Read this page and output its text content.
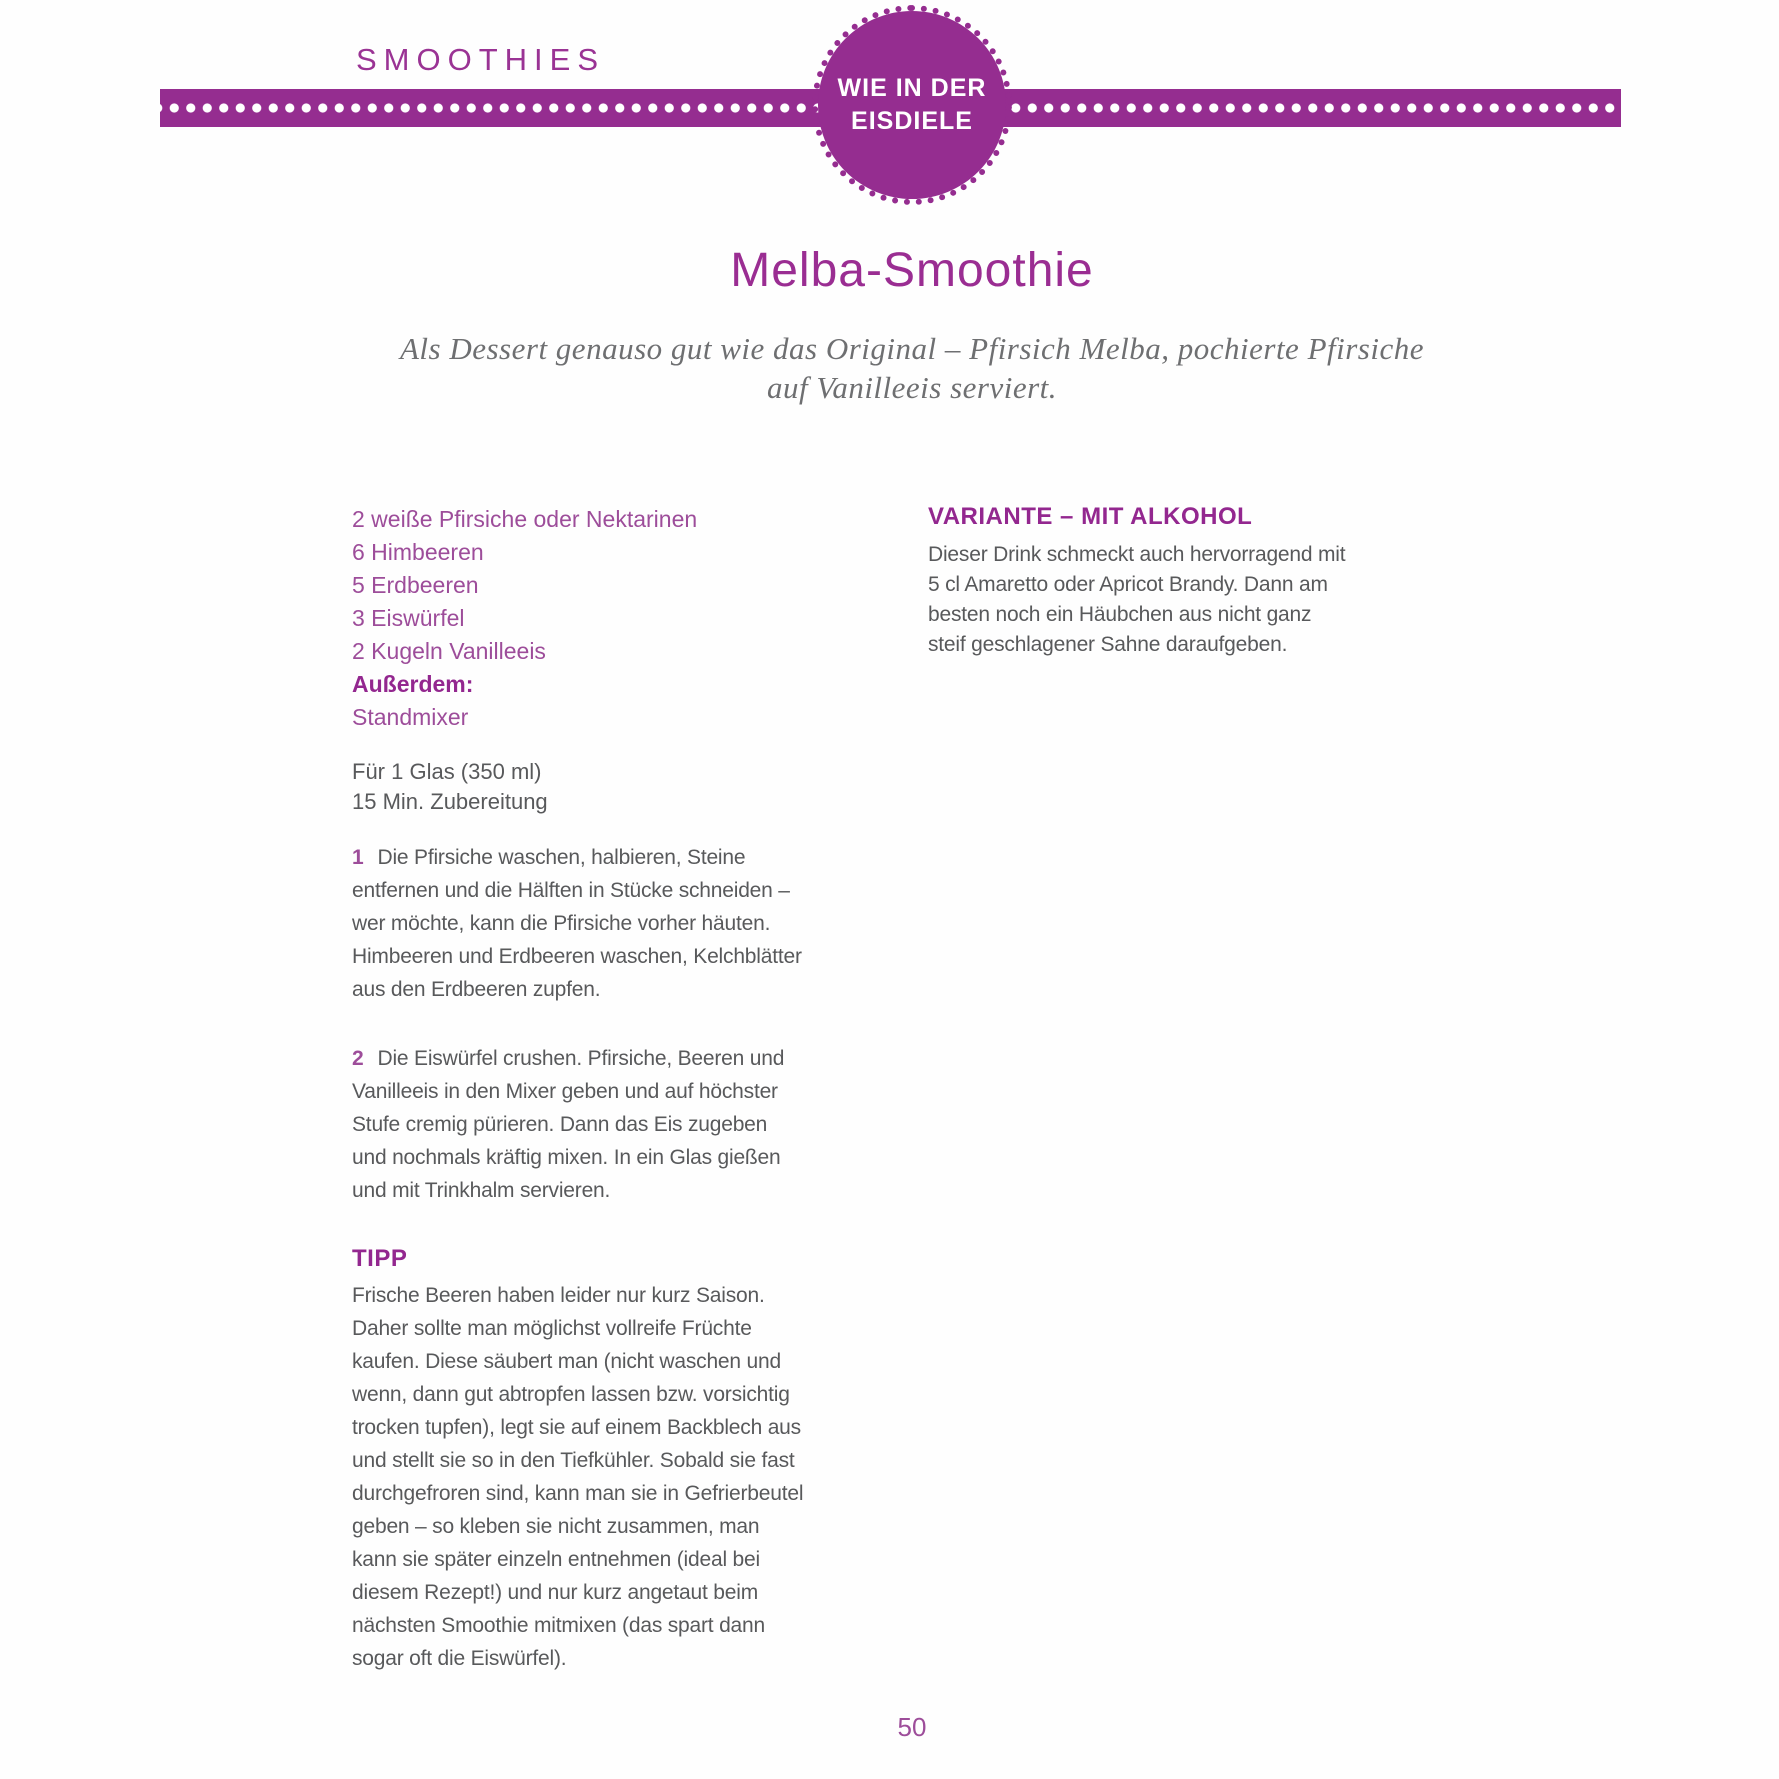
SMOOTHIES
WIE IN DER
EISDIELE
Melba-Smoothie
Als Dessert genauso gut wie das Original – Pfirsich Melba, pochierte Pfirsiche
auf Vanilleeis serviert.
2 weiße Pfirsiche oder Nektarinen
6 Himbeeren
5 Erdbeeren
3 Eiswürfel
2 Kugeln Vanilleeis
Außerdem:
Standmixer
Für 1 Glas (350 ml)
15 Min. Zubereitung
1 Die Pfirsiche waschen, halbieren, Steine entfernen und die Hälften in Stücke schneiden – wer möchte, kann die Pfirsiche vorher häuten. Himbeeren und Erdbeeren waschen, Kelchblätter aus den Erdbeeren zupfen.
2 Die Eiswürfel crushen. Pfirsiche, Beeren und Vanilleeis in den Mixer geben und auf höchster Stufe cremig pürieren. Dann das Eis zugeben und nochmals kräftig mixen. In ein Glas gießen und mit Trinkhalm servieren.
TIPP
Frische Beeren haben leider nur kurz Saison. Daher sollte man möglichst vollreife Früchte kaufen. Diese säubert man (nicht waschen und wenn, dann gut abtropfen lassen bzw. vorsichtig trocken tupfen), legt sie auf einem Backblech aus und stellt sie so in den Tiefkühler. Sobald sie fast durchgefroren sind, kann man sie in Gefrierbeutel geben – so kleben sie nicht zusammen, man kann sie später einzeln entnehmen (ideal bei diesem Rezept!) und nur kurz angetaut beim nächsten Smoothie mitmixen (das spart dann sogar oft die Eiswürfel).
VARIANTE – MIT ALKOHOL
Dieser Drink schmeckt auch hervorragend mit 5 cl Amaretto oder Apricot Brandy. Dann am besten noch ein Häubchen aus nicht ganz steif geschlagener Sahne daraufgeben.
50
